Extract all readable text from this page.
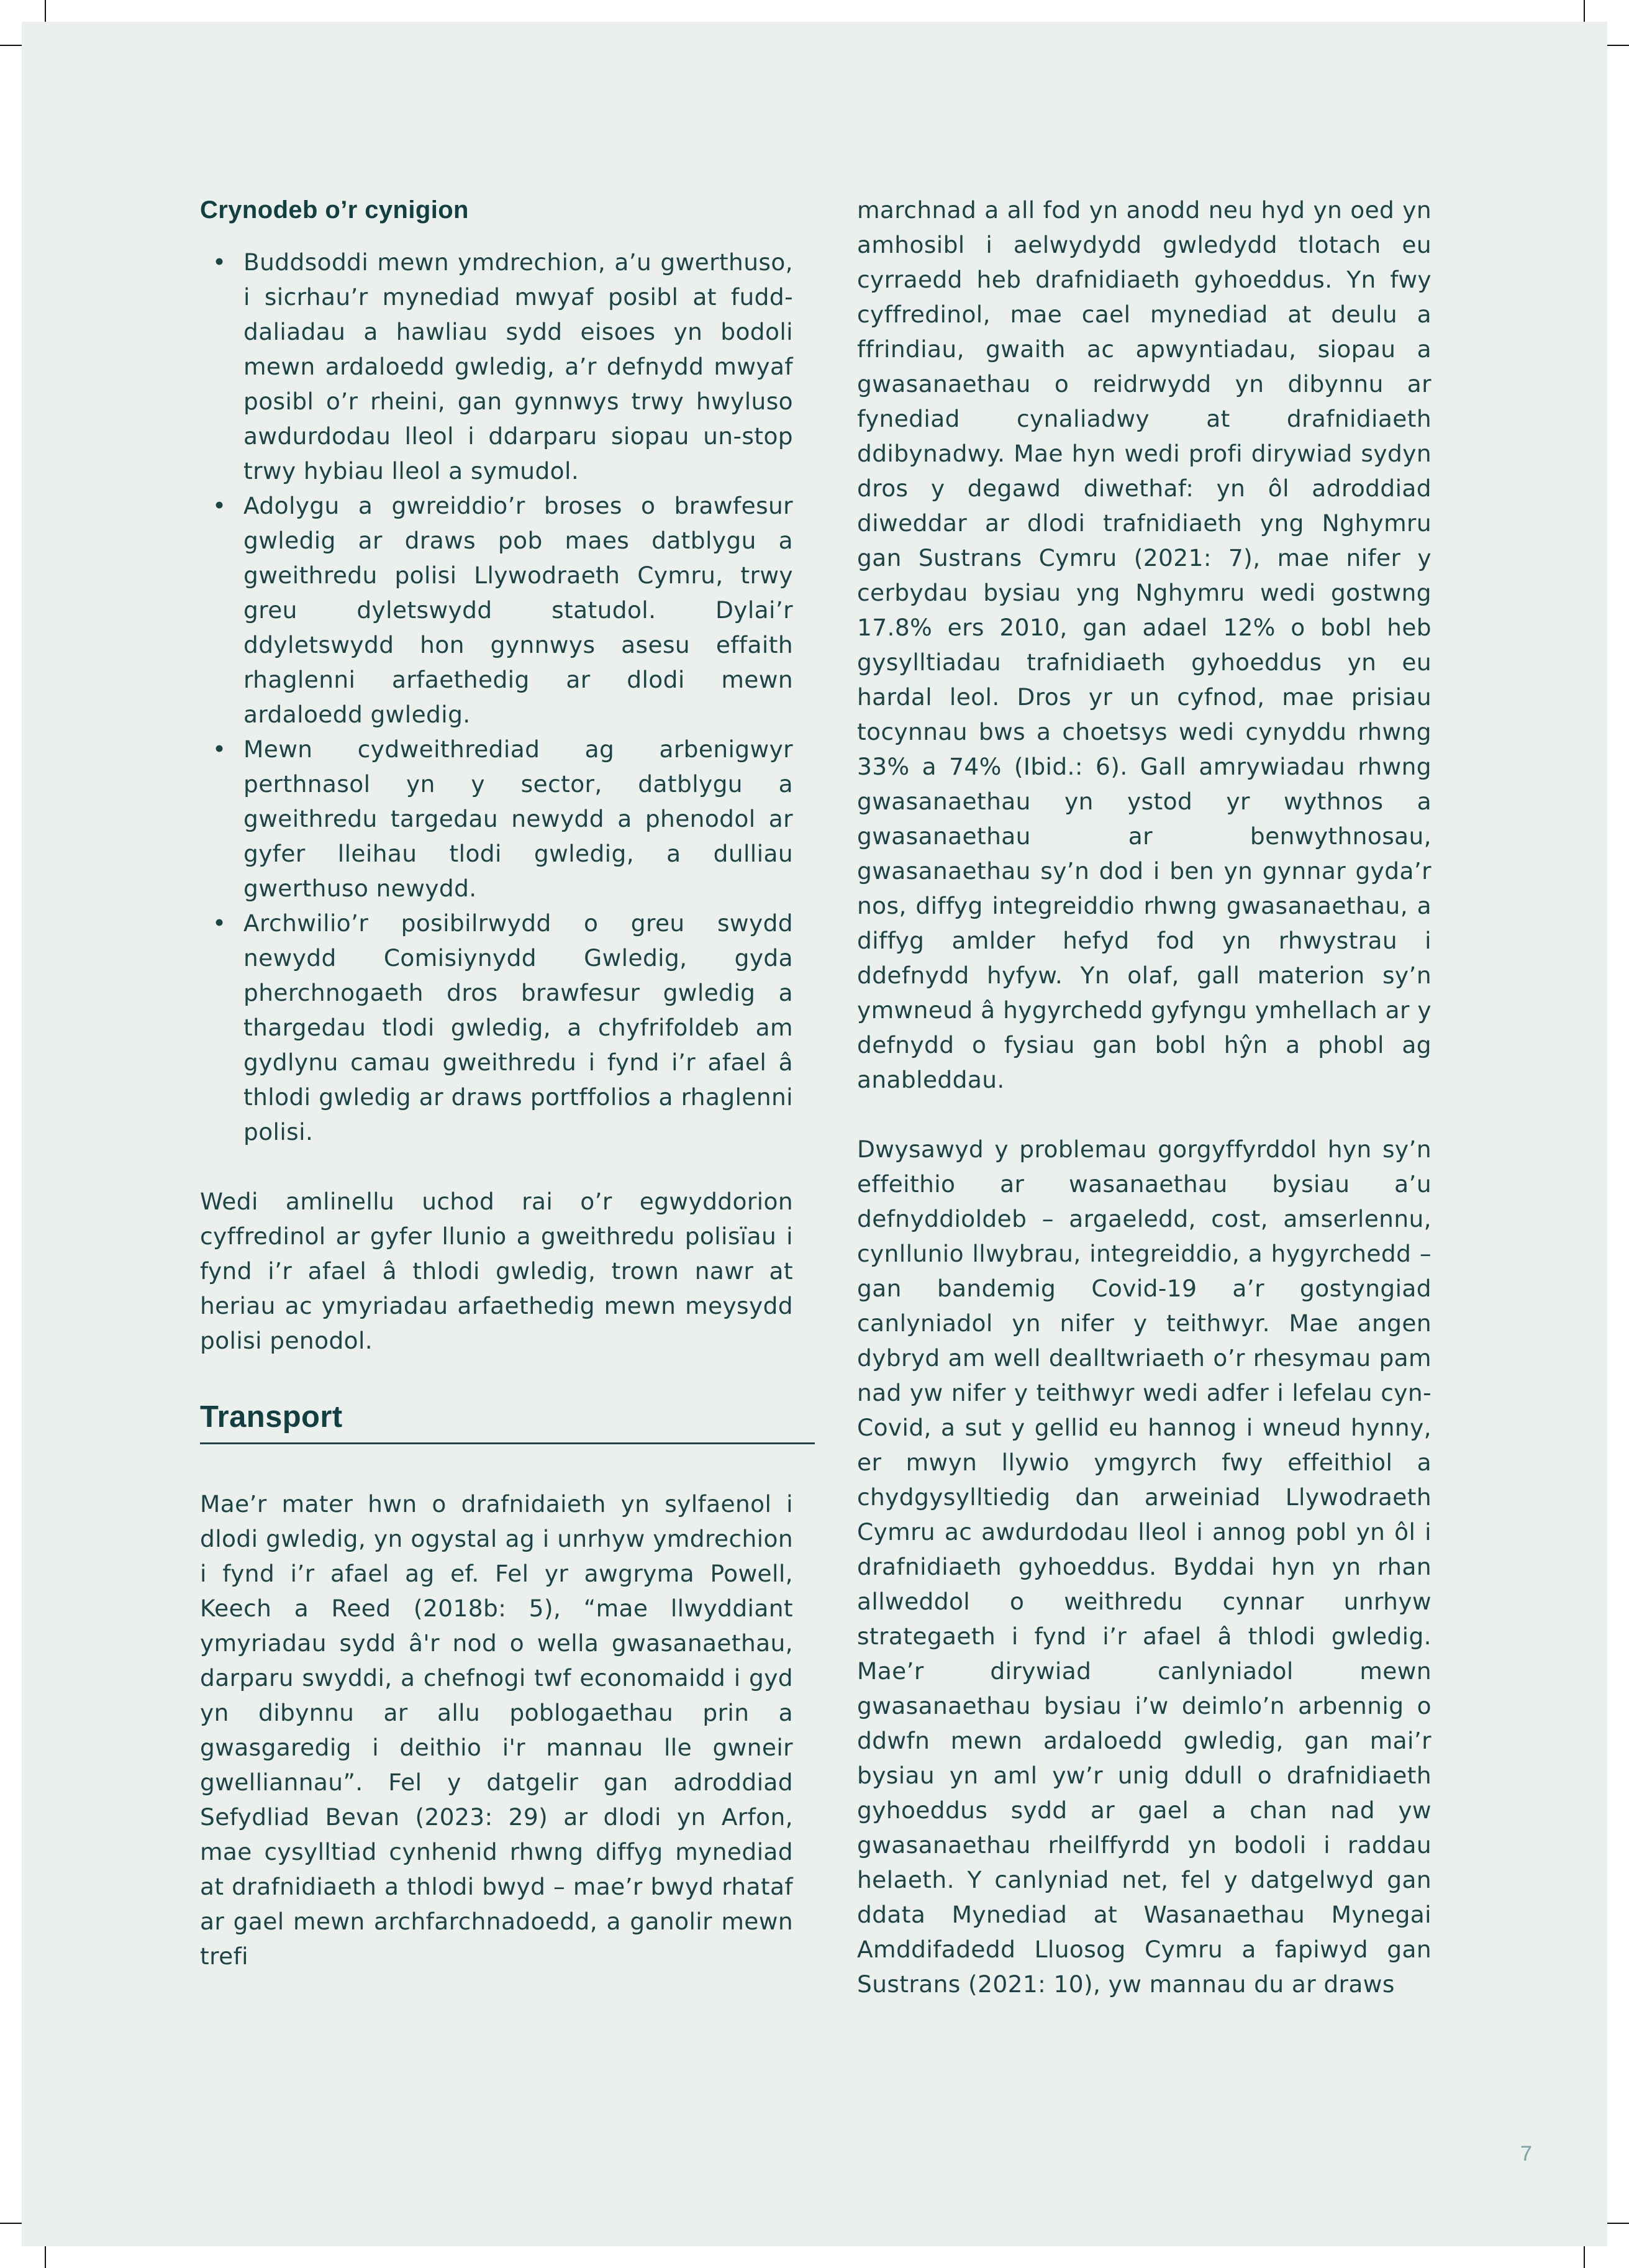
Crynodeb o’r cynigion
• Buddsoddi mewn ymdrechion, a’u gwerthuso, i sicrhau’r mynediad mwyaf posibl at fudd-daliadau a hawliau sydd eisoes yn bodoli mewn ardaloedd gwledig, a’r defnydd mwyaf posibl o’r rheini, gan gynnwys trwy hwyluso awdurdodau lleol i ddarparu siopau un-stop trwy hybiau lleol a symudol.
• Adolygu a gwreiddio’r broses o brawfesur gwledig ar draws pob maes datblygu a gweithredu polisi Llywodraeth Cymru, trwy greu dyletswydd statudol. Dylai’r ddyletswydd hon gynnwys asesu effaith rhaglenni arfaethedig ar dlodi mewn ardaloedd gwledig.
• Mewn cydweithrediad ag arbenigwyr perthnasol yn y sector, datblygu a gweithredu targedau newydd a phenodol ar gyfer lleihau tlodi gwledig, a dulliau gwerthuso newydd.
• Archwilio’r posibilrwydd o greu swydd newydd Comisiynydd Gwledig, gyda pherchnogaeth dros brawfesur gwledig a thargedau tlodi gwledig, a chyfrifoldeb am gydlynu camau gweithredu i fynd i’r afael â thlodi gwledig ar draws portffolios a rhaglenni polisi.

Wedi amlinellu uchod rai o’r egwyddorion cyffredinol ar gyfer llunio a gweithredu polisïau i fynd i’r afael â thlodi gwledig, trown nawr at heriau ac ymyriadau arfaethedig mewn meysydd polisi penodol.

Transport

Mae’r mater hwn o drafnidaieth yn sylfaenol i dlodi gwledig, yn ogystal ag i unrhyw ymdrechion i fynd i’r afael ag ef. Fel yr awgryma Powell, Keech a Reed (2018b: 5), “mae llwyddiant ymyriadau sydd â'r nod o wella gwasanaethau, darparu swyddi, a chefnogi twf economaidd i gyd yn dibynnu ar allu poblogaethau prin a gwasgaredig i deithio i'r mannau lle gwneir gwelliannau”. Fel y datgelir gan adroddiad Sefydliad Bevan (2023: 29) ar dlodi yn Arfon, mae cysylltiad cynhenid rhwng diffyg mynediad at drafnidiaeth a thlodi bwyd – mae’r bwyd rhataf ar gael mewn archfarchnadoedd, a ganolir mewn trefi

marchnad a all fod yn anodd neu hyd yn oed yn amhosibl i aelwydydd gwledydd tlotach eu cyrraedd heb drafnidiaeth gyhoeddus. Yn fwy cyffredinol, mae cael mynediad at deulu a ffrindiau, gwaith ac apwyntiadau, siopau a gwasanaethau o reidrwydd yn dibynnu ar fynediad cynaliadwy at drafnidiaeth ddibynadwy. Mae hyn wedi profi dirywiad sydyn dros y degawd diwethaf: yn ôl adroddiad diweddar ar dlodi trafnidiaeth yng Nghymru gan Sustrans Cymru (2021: 7), mae nifer y cerbydau bysiau yng Nghymru wedi gostwng 17.8% ers 2010, gan adael 12% o bobl heb gysylltiadau trafnidiaeth gyhoeddus yn eu hardal leol. Dros yr un cyfnod, mae prisiau tocynnau bws a choetsys wedi cynyddu rhwng 33% a 74% (Ibid.: 6). Gall amrywiadau rhwng gwasanaethau yn ystod yr wythnos a gwasanaethau ar benwythnosau, gwasanaethau sy’n dod i ben yn gynnar gyda’r nos, diffyg integreiddio rhwng gwasanaethau, a diffyg amlder hefyd fod yn rhwystrau i ddefnydd hyfyw. Yn olaf, gall materion sy’n ymwneud â hygyrchedd gyfyngu ymhellach ar y defnydd o fysiau gan bobl hŷn a phobl ag anableddau.

Dwysawyd y problemau gorgyffyrddol hyn sy’n effeithio ar wasanaethau bysiau a’u defnyddioldeb – argaeledd, cost, amserlennu, cynllunio llwybrau, integreiddio, a hygyrchedd – gan bandemig Covid-19 a’r gostyngiad canlyniadol yn nifer y teithwyr. Mae angen dybryd am well dealltwriaeth o’r rhesymau pam nad yw nifer y teithwyr wedi adfer i lefelau cyn-Covid, a sut y gellid eu hannog i wneud hynny, er mwyn llywio ymgyrch fwy effeithiol a chydgysylltiedig dan arweiniad Llywodraeth Cymru ac awdurdodau lleol i annog pobl yn ôl i drafnidiaeth gyhoeddus. Byddai hyn yn rhan allweddol o weithredu cynnar unrhyw strategaeth i fynd i’r afael â thlodi gwledig. Mae’r dirywiad canlyniadol mewn gwasanaethau bysiau i’w deimlo’n arbennig o ddwfn mewn ardaloedd gwledig, gan mai’r bysiau yn aml yw’r unig ddull o drafnidiaeth gyhoeddus sydd ar gael a chan nad yw gwasanaethau rheilffyrdd yn bodoli i raddau helaeth. Y canlyniad net, fel y datgelwyd gan ddata Mynediad at Wasanaethau Mynegai Amddifadedd Lluosog Cymru a fapiwyd gan Sustrans (2021: 10), yw mannau du ar draws

7
